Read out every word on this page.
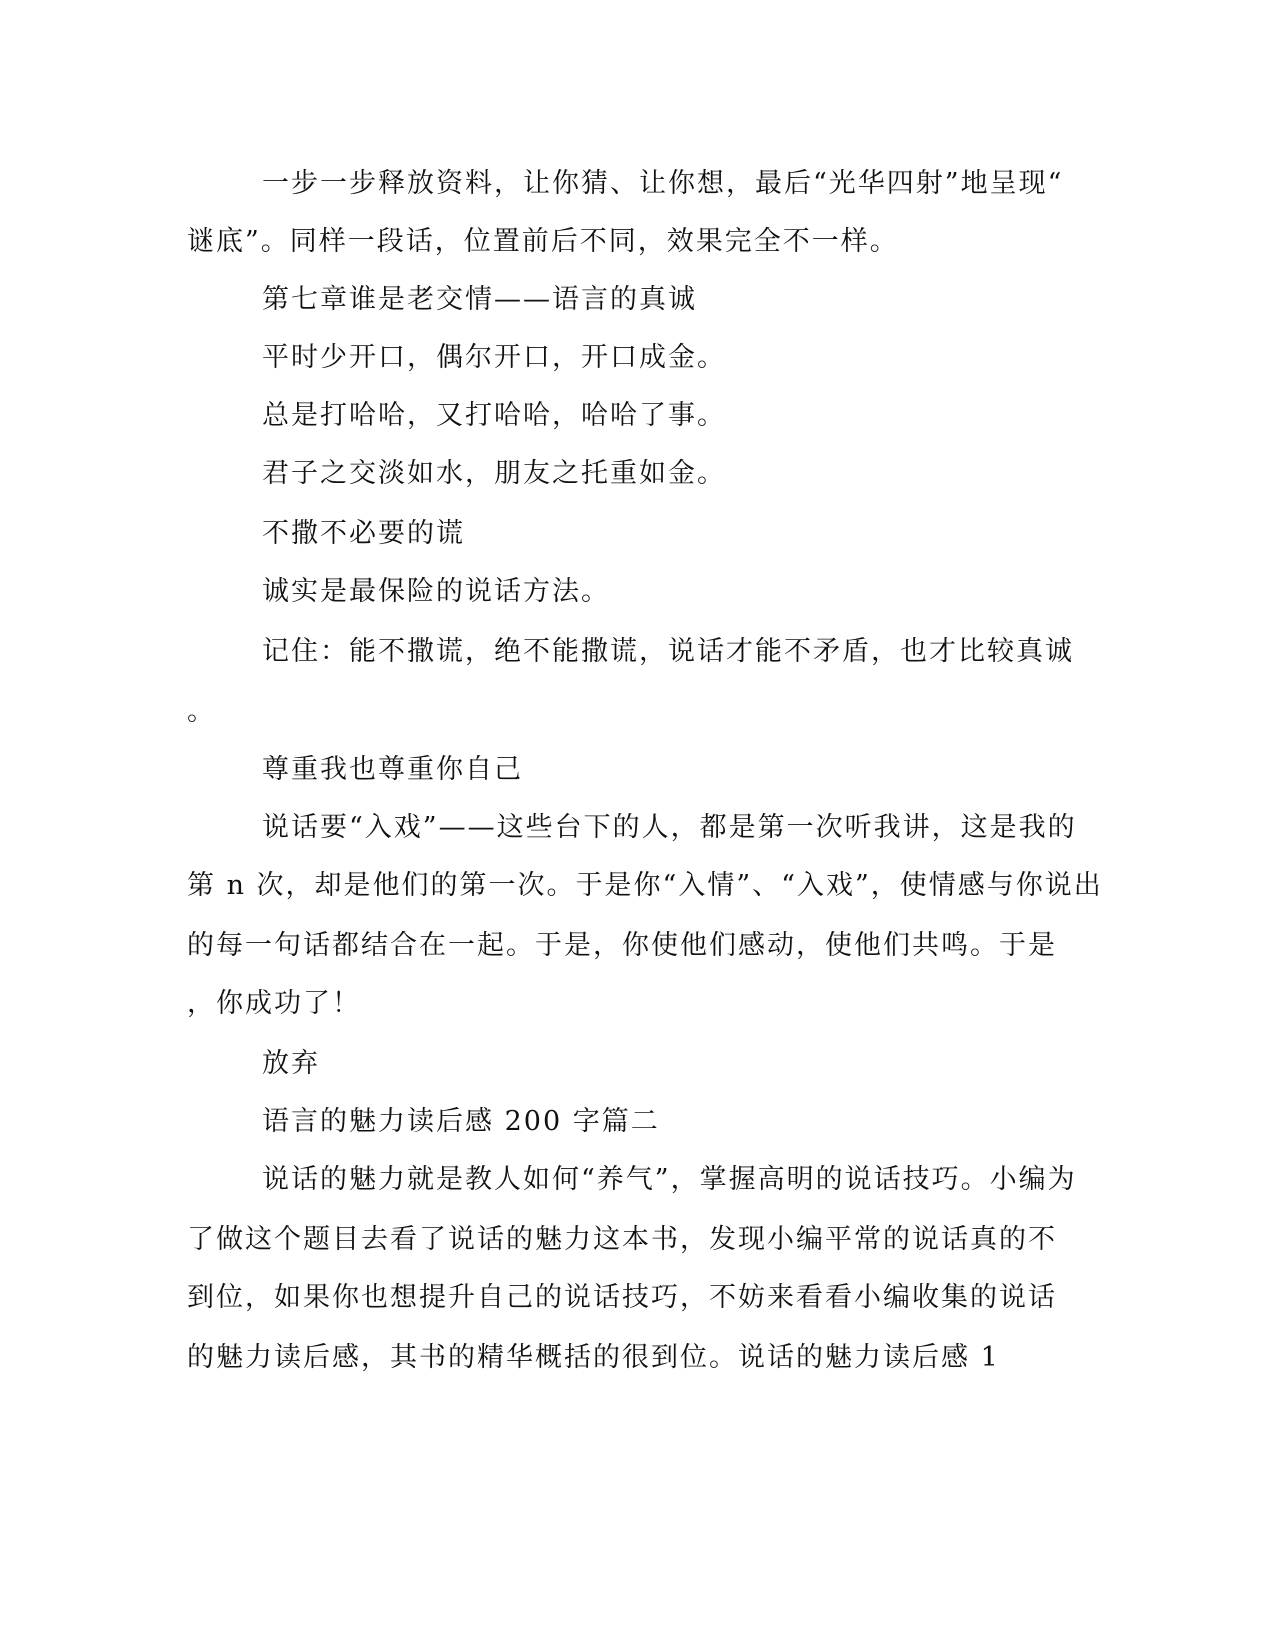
一步一步释放资料，让你猜、让你想，最后“光华四射”地呈现“
谜底”。同样一段话，位置前后不同，效果完全不一样。
第七章谁是老交情——语言的真诚
平时少开口，偶尔开口，开口成金。
总是打哈哈，又打哈哈，哈哈了事。
君子之交淡如水，朋友之托重如金。
不撒不必要的谎
诚实是最保险的说话方法。
记住：能不撒谎，绝不能撒谎，说话才能不矛盾，也才比较真诚
。
尊重我也尊重你自己
说话要“入戏”——这些台下的人，都是第一次听我讲，这是我的
第 n 次，却是他们的第一次。于是你“入情”、“入戏”，使情感与你说出
的每一句话都结合在一起。于是，你使他们感动，使他们共鸣。于是
，你成功了！
放弃
语言的魅力读后感 200 字篇二
说话的魅力就是教人如何“养气”，掌握高明的说话技巧。小编为
了做这个题目去看了说话的魅力这本书，发现小编平常的说话真的不
到位，如果你也想提升自己的说话技巧，不妨来看看小编收集的说话
的魅力读后感，其书的精华概括的很到位。说话的魅力读后感 1
